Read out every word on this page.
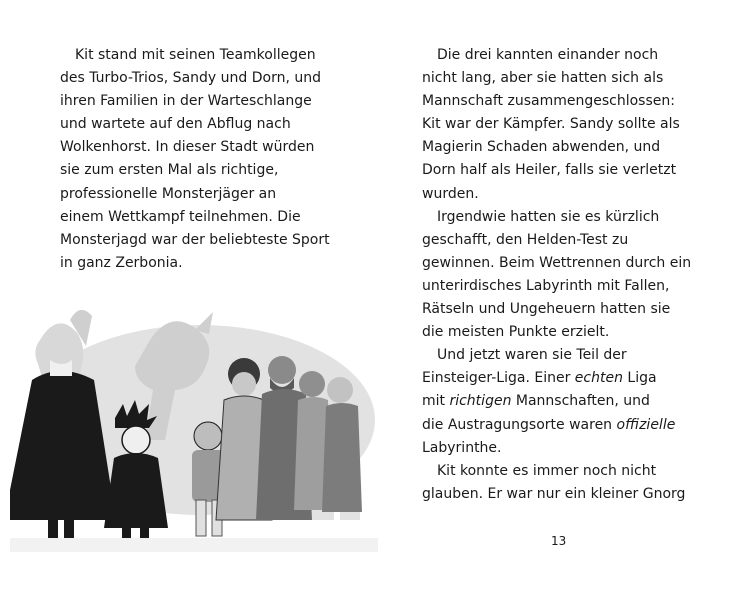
Kit stand mit seinen Teamkollegen
des Turbo-Trios, Sandy und Dorn, und
ihren Familien in der Warteschlange
und wartete auf den Abflug nach
Wolkenhorst. In dieser Stadt würden
sie zum ersten Mal als richtige,
professionelle Monsterjäger an
einem Wettkampf teilnehmen. Die
Monsterjagd war der beliebteste Sport
in ganz Zerbonia.
Die drei kannten einander noch
nicht lang, aber sie hatten sich als
Mannschaft zusammengeschlossen:
Kit war der Kämpfer. Sandy sollte als
Magierin Schaden abwenden, und
Dorn half als Heiler, falls sie verletzt
wurden.
Irgendwie hatten sie es kürzlich
geschafft, den Helden-Test zu
gewinnen. Beim Wettrennen durch ein
unterirdisches Labyrinth mit Fallen,
Rätseln und Ungeheuern hatten sie
die meisten Punkte erzielt.
Und jetzt waren sie Teil der
Einsteiger-Liga. Einer echten Liga
mit richtigen Mannschaften, und
die Austragungsorte waren offizielle
Labyrinthe.
Kit konnte es immer noch nicht
glauben. Er war nur ein kleiner Gnorg
13
